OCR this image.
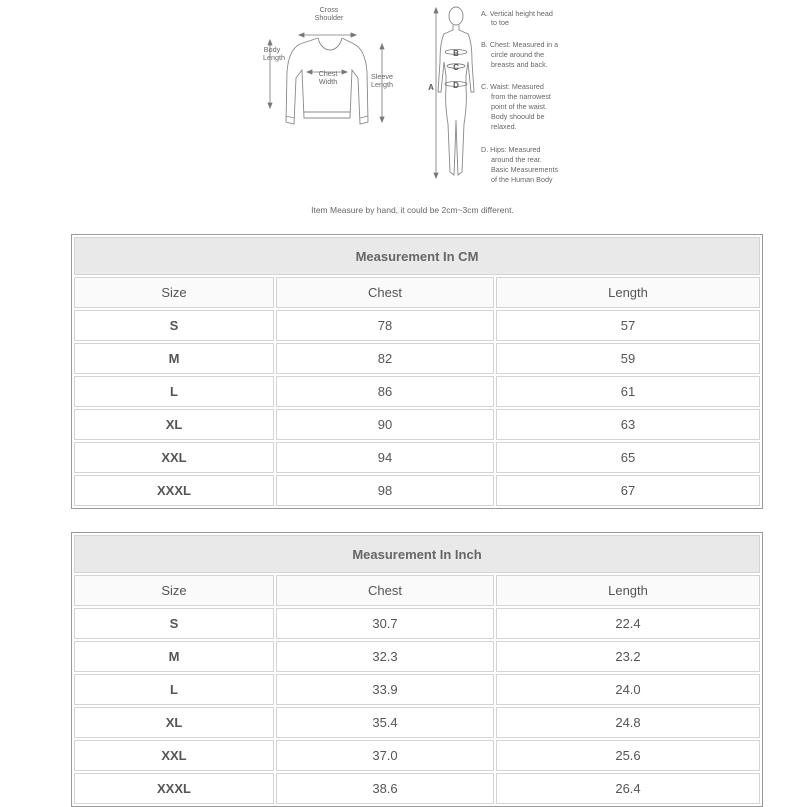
Cross
Shoulder
Body
Length
Chest
Width
Sleeve
Length	A
B
C
D
A. Vertical height head
to toe
B. Chest: Measured in a
circle around the
breasts and back.
C. Waist: Measured
from the narrowest
point of the waist.
Body shoould be
relaxed.
D. Hips: Measured
around the rear.
Basic Measurements
of the Human Body
Item Measure by hand, it could be 2cm~3cm different.
Measurement In CM		
Size	Chest	Length
S	78	57
M	82	59
L	86	61
XL	90	63
XXL	94	65
XXXL	98	67
Measurement In Inch		
Size	Chest	Length
S	30.7	22.4
M	32.3	23.2
L	33.9	24.0
XL	35.4	24.8
XXL	37.0	25.6
XXXL	38.6	26.4
